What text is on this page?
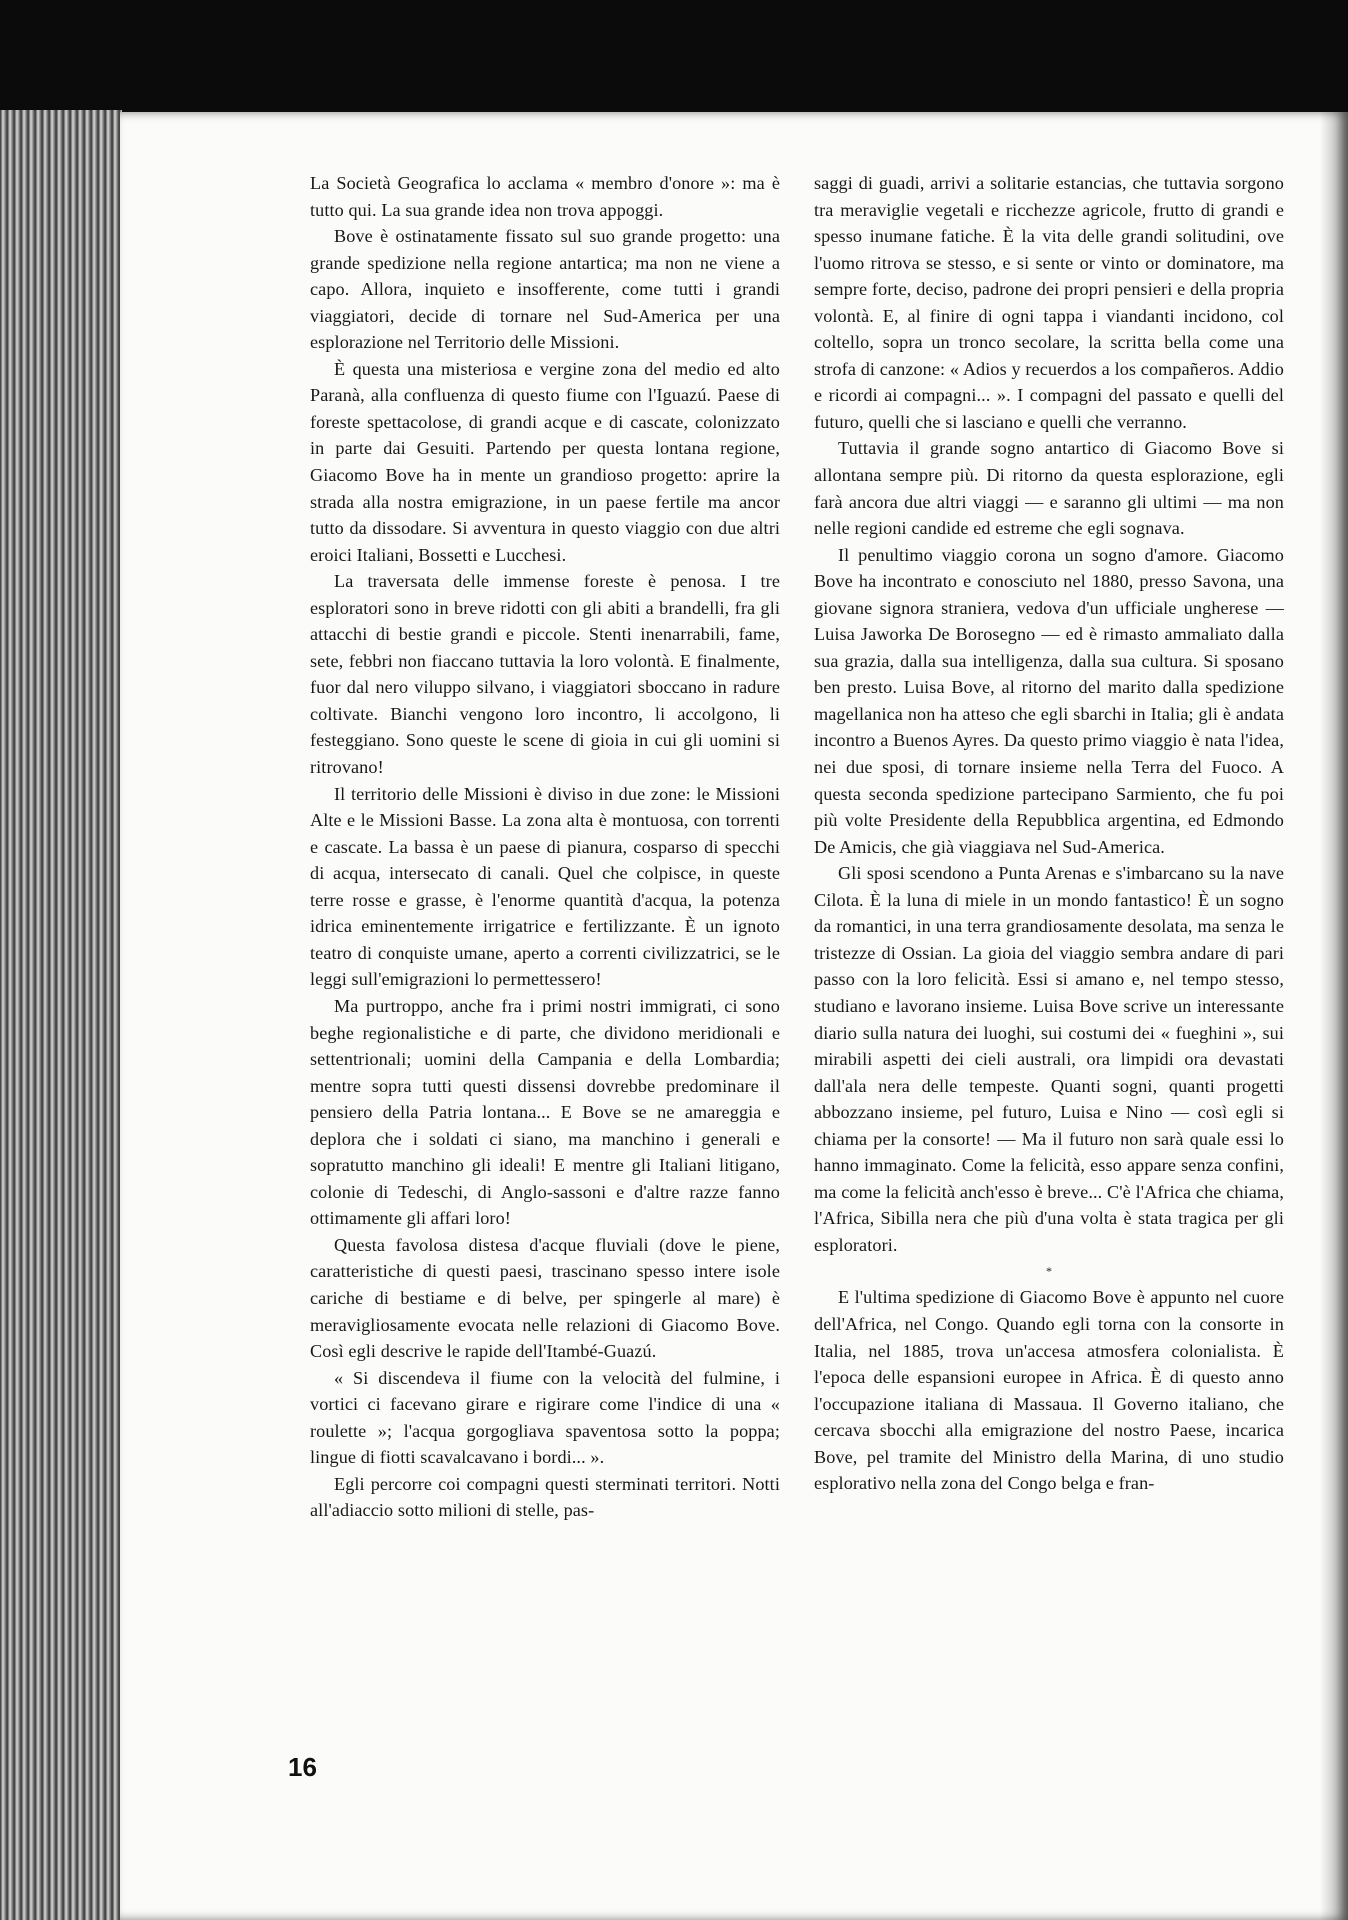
La Società Geografica lo acclama « membro d'onore »: ma è tutto qui. La sua grande idea non trova appoggi.

Bove è ostinatamente fissato sul suo grande progetto: una grande spedizione nella regione antartica; ma non ne viene a capo. Allora, inquieto e insofferente, come tutti i grandi viaggiatori, decide di tornare nel Sud-America per una esplorazione nel Territorio delle Missioni.

È questa una misteriosa e vergine zona del medio ed alto Paranà, alla confluenza di questo fiume con l'Iguazú. Paese di foreste spettacolose, di grandi acque e di cascate, colonizzato in parte dai Gesuiti. Partendo per questa lontana regione, Giacomo Bove ha in mente un grandioso progetto: aprire la strada alla nostra emigrazione, in un paese fertile ma ancor tutto da dissodare. Si avventura in questo viaggio con due altri eroici Italiani, Bossetti e Lucchesi.

La traversata delle immense foreste è penosa. I tre esploratori sono in breve ridotti con gli abiti a brandelli, fra gli attacchi di bestie grandi e piccole. Stenti inenarrabili, fame, sete, febbri non fiaccano tuttavia la loro volontà. E finalmente, fuor dal nero viluppo silvano, i viaggiatori sboccano in radure coltivate. Bianchi vengono loro incontro, li accolgono, li festeggiano. Sono queste le scene di gioia in cui gli uomini si ritrovano!

Il territorio delle Missioni è diviso in due zone: le Missioni Alte e le Missioni Basse. La zona alta è montuosa, con torrenti e cascate. La bassa è un paese di pianura, cosparso di specchi di acqua, intersecato di canali. Quel che colpisce, in queste terre rosse e grasse, è l'enorme quantità d'acqua, la potenza idrica eminentemente irrigatrice e fertilizzante. È un ignoto teatro di conquiste umane, aperto a correnti civilizzatrici, se le leggi sull'emigrazioni lo permettessero!

Ma purtroppo, anche fra i primi nostri immigrati, ci sono beghe regionalistiche e di parte, che dividono meridionali e settentrionali; uomini della Campania e della Lombardia; mentre sopra tutti questi dissensi dovrebbe predominare il pensiero della Patria lontana... E Bove se ne amareggia e deplora che i soldati ci siano, ma manchino i generali e sopratutto manchino gli ideali! E mentre gli Italiani litigano, colonie di Tedeschi, di Anglo-sassoni e d'altre razze fanno ottimamente gli affari loro!

Questa favolosa distesa d'acque fluviali (dove le piene, caratteristiche di questi paesi, trascinano spesso intere isole cariche di bestiame e di belve, per spingerle al mare) è meravigliosamente evocata nelle relazioni di Giacomo Bove. Così egli descrive le rapide dell'Itambé-Guazú.

« Si discendeva il fiume con la velocità del fulmine, i vortici ci facevano girare e rigirare come l'indice di una « roulette »; l'acqua gorgogliava spaventosa sotto la poppa; lingue di fiotti scavalcavano i bordi... ».

Egli percorre coi compagni questi sterminati territori. Notti all'adiaccio sotto milioni di stelle, pas-

saggi di guadi, arrivi a solitarie estancias, che tuttavia sorgono tra meraviglie vegetali e ricchezze agricole, frutto di grandi e spesso inumane fatiche. È la vita delle grandi solitudini, ove l'uomo ritrova se stesso, e si sente or vinto or dominatore, ma sempre forte, deciso, padrone dei propri pensieri e della propria volontà. E, al finire di ogni tappa i viandanti incidono, col coltello, sopra un tronco secolare, la scritta bella come una strofa di canzone: « Adios y recuerdos a los compañeros. Addio e ricordi ai compagni... ». I compagni del passato e quelli del futuro, quelli che si lasciano e quelli che verranno.

Tuttavia il grande sogno antartico di Giacomo Bove si allontana sempre più. Di ritorno da questa esplorazione, egli farà ancora due altri viaggi — e saranno gli ultimi — ma non nelle regioni candide ed estreme che egli sognava.

Il penultimo viaggio corona un sogno d'amore. Giacomo Bove ha incontrato e conosciuto nel 1880, presso Savona, una giovane signora straniera, vedova d'un ufficiale ungherese — Luisa Jaworka De Borosegno — ed è rimasto ammaliato dalla sua grazia, dalla sua intelligenza, dalla sua cultura. Si sposano ben presto. Luisa Bove, al ritorno del marito dalla spedizione magellanica non ha atteso che egli sbarchi in Italia; gli è andata incontro a Buenos Ayres. Da questo primo viaggio è nata l'idea, nei due sposi, di tornare insieme nella Terra del Fuoco. A questa seconda spedizione partecipano Sarmiento, che fu poi più volte Presidente della Repubblica argentina, ed Edmondo De Amicis, che già viaggiava nel Sud-America.

Gli sposi scendono a Punta Arenas e s'imbarcano su la nave Cilota. È la luna di miele in un mondo fantastico! È un sogno da romantici, in una terra grandiosamente desolata, ma senza le tristezze di Ossian. La gioia del viaggio sembra andare di pari passo con la loro felicità. Essi si amano e, nel tempo stesso, studiano e lavorano insieme. Luisa Bove scrive un interessante diario sulla natura dei luoghi, sui costumi dei « fueghini », sui mirabili aspetti dei cieli australi, ora limpidi ora devastati dall'ala nera delle tempeste. Quanti sogni, quanti progetti abbozzano insieme, pel futuro, Luisa e Nino — così egli si chiama per la consorte! — Ma il futuro non sarà quale essi lo hanno immaginato. Come la felicità, esso appare senza confini, ma come la felicità anch'esso è breve... C'è l'Africa che chiama, l'Africa, Sibilla nera che più d'una volta è stata tragica per gli esploratori.

*

E l'ultima spedizione di Giacomo Bove è appunto nel cuore dell'Africa, nel Congo. Quando egli torna con la consorte in Italia, nel 1885, trova un'accesa atmosfera colonialista. È l'epoca delle espansioni europee in Africa. È di questo anno l'occupazione italiana di Massaua. Il Governo italiano, che cercava sbocchi alla emigrazione del nostro Paese, incarica Bove, pel tramite del Ministro della Marina, di uno studio esplorativo nella zona del Congo belga e fran-

16
